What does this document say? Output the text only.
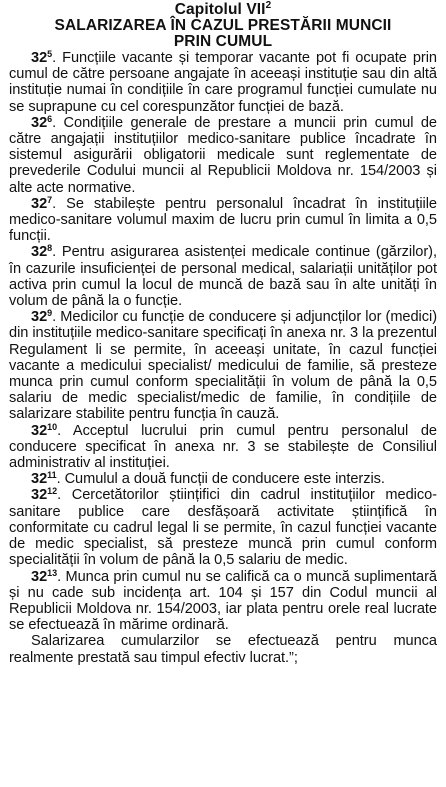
Capitolul VII$^2$
SALARIZAREA ÎN CAZUL PRESTĂRII MUNCII
PRIN CUMUL

$32^5$. Funcțiile vacante și temporar vacante pot fi ocupate prin cumul de către persoane angajate în aceeași instituție sau din altă instituție numai în condițiile în care programul funcției cumulate nu se suprapune cu cel corespunzător funcției de bază.

$32^6$. Condițiile generale de prestare a muncii prin cumul de către angajații instituțiilor medico-sanitare publice încadrate în sistemul asigurării obligatorii medicale sunt reglementate de prevederile Codului muncii al Republicii Moldova nr. 154/2003 și alte acte normative.

$32^7$. Se stabilește pentru personalul încadrat în instituțiile medico-sanitare volumul maxim de lucru prin cumul în limita a 0,5 funcții.

$32^8$. Pentru asigurarea asistenței medicale continue (gărzilor), în cazurile insuficienței de personal medical, salariații unităților pot activa prin cumul la locul de muncă de bază sau în alte unități în volum de până la o funcție.

$32^9$. Medicilor cu funcție de conducere și adjuncților lor (medici) din instituțiile medico-sanitare specificați în anexa nr. 3 la prezentul Regulament li se permite, în aceeași unitate, în cazul funcției vacante a medicului specialist/ medicului de familie, să presteze munca prin cumul conform specialității în volum de până la 0,5 salariu de medic specialist/medic de familie, în condițiile de salarizare stabilite pentru funcția în cauză.

$32^{10}$. Acceptul lucrului prin cumul pentru personalul de conducere specificat în anexa nr. 3 se stabilește de Consiliul administrativ al instituției.

$32^{11}$. Cumulul a două funcții de conducere este interzis.

$32^{12}$. Cercetătorilor științifici din cadrul instituțiilor medico-sanitare publice care desfășoară activitate științifică în conformitate cu cadrul legal li se permite, în cazul funcției vacante de medic specialist, să presteze muncă prin cumul conform specialității în volum de până la 0,5 salariu de medic.

$32^{13}$. Munca prin cumul nu se califică ca o muncă suplimentară și nu cade sub incidența art. 104 și 157 din Codul muncii al Republicii Moldova nr. 154/2003, iar plata pentru orele real lucrate se efectuează în mărime ordinară.

Salarizarea cumularzilor se efectuează pentru munca realmente prestată sau timpul efectiv lucrat.”;
